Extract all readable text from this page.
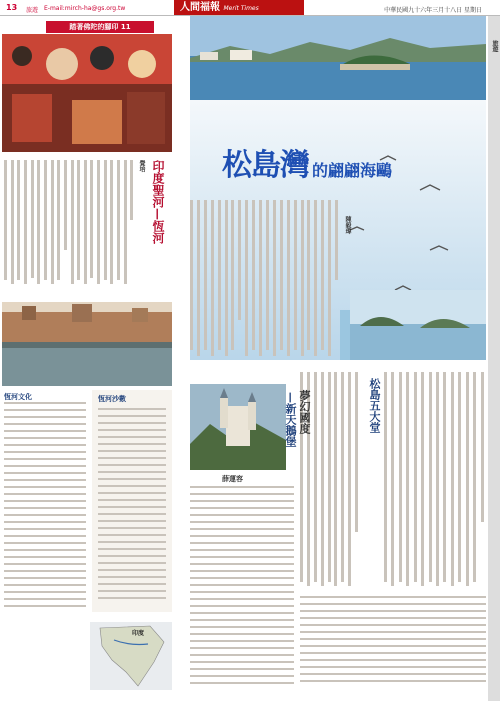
13 旅遊 E-mail:mirch-ha@gs.org.tw	人間福報 Merit Times	中華民國九十六年三月十八日 星期日
踏著佛陀的腳印 11
印度聖河—恆河
覺培
恆河文化	恆河沙數
印度
松島灣 的翩翩海鷗
陳毅瑋
松島五大堂
夢幻國度
—新天鵝堡
薛運容
旅遊
